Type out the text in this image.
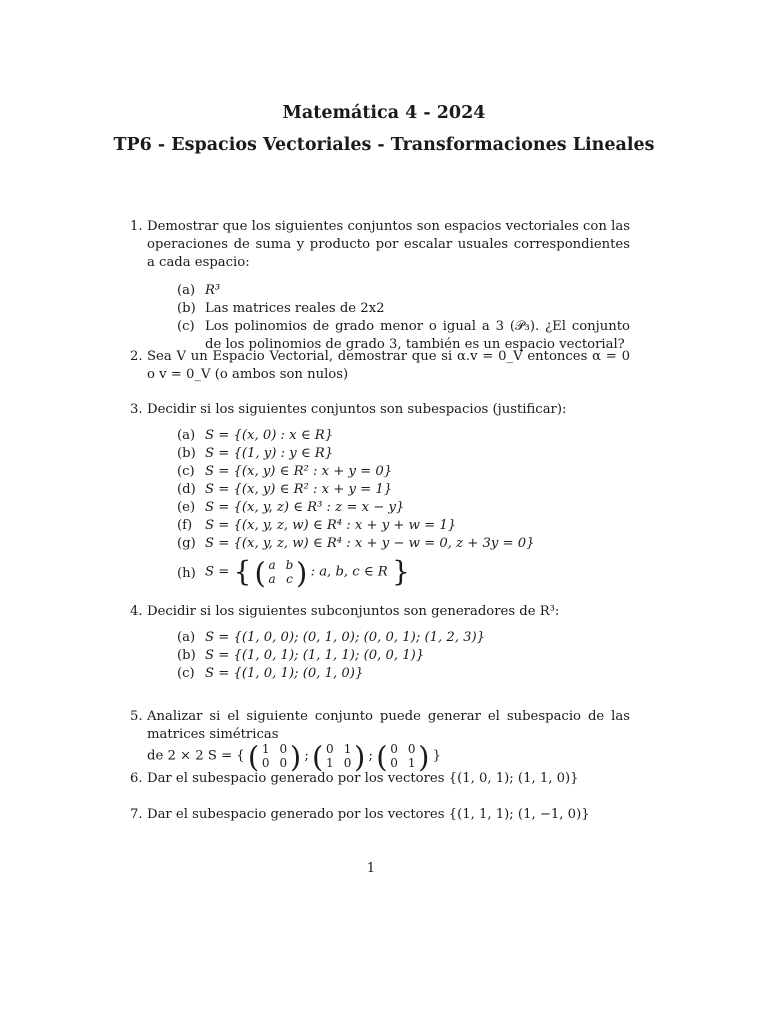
Matemática 4 - 2024
TP6 - Espacios Vectoriales - Transformaciones Lineales
1. Demostrar que los siguientes conjuntos son espacios vectoriales con las operaciones de suma y producto por escalar usuales correspondientes a cada espacio:
(a) R³
(b) Las matrices reales de 2x2
(c) Los polinomios de grado menor o igual a 3 (𝒫₃). ¿El conjunto de los polinomios de grado 3, también es un espacio vectorial?
2. Sea V un Espacio Vectorial, demostrar que si α.v = 0_V entonces α = 0 o v = 0_V (o ambos son nulos)
3. Decidir si los siguientes conjuntos son subespacios (justificar):
(a) S = {(x, 0) : x ∈ R}
(b) S = {(1, y) : y ∈ R}
(c) S = {(x, y) ∈ R² : x + y = 0}
(d) S = {(x, y) ∈ R² : x + y = 1}
(e) S = {(x, y, z) ∈ R³ : z = x − y}
(f) S = {(x, y, z, w) ∈ R⁴ : x + y + w = 1}
(g) S = {(x, y, z, w) ∈ R⁴ : x + y − w = 0, z + 3y = 0}
(h) S = { ( a	b
a	c ) : a, b, c ∈ R }
4. Decidir si los siguientes subconjuntos son generadores de R³:
(a) S = {(1, 0, 0); (0, 1, 0); (0, 0, 1); (1, 2, 3)}
(b) S = {(1, 0, 1); (1, 1, 1); (0, 0, 1)}
(c) S = {(1, 0, 1); (0, 1, 0)}
5. Analizar si el siguiente conjunto puede generar el subespacio de las matrices simétricas
de 2 × 2 S = { ( 1	0
0	0 ) ; ( 0	1
1	0 ) ; ( 0	0
0	1 ) }
6. Dar el subespacio generado por los vectores {(1, 0, 1); (1, 1, 0)}
7. Dar el subespacio generado por los vectores {(1, 1, 1); (1, −1, 0)}
1
